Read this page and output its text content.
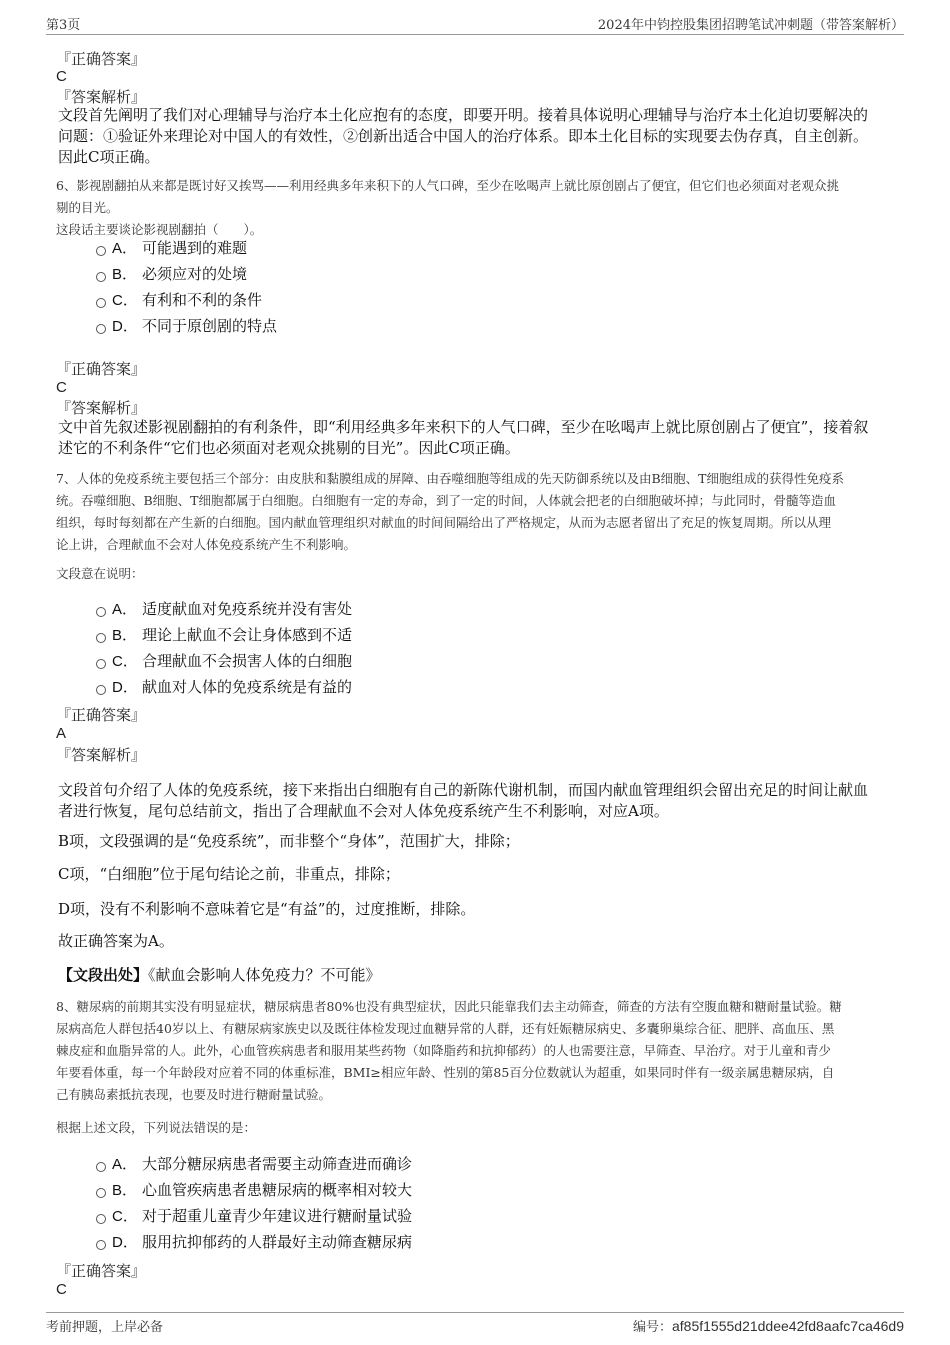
第3页	2024年中钧控股集团招聘笔试冲刺题（带答案解析）
『正确答案』
C
『答案解析』
文段首先阐明了我们对心理辅导与治疗本土化应抱有的态度，即要开明。接着具体说明心理辅导与治疗本土化迫切要解决的
问题：①验证外来理论对中国人的有效性，②创新出适合中国人的治疗体系。即本土化目标的实现要去伪存真，自主创新。
因此C项正确。
6、影视剧翻拍从来都是既讨好又挨骂——利用经典多年来积下的人气口碑，至少在吆喝声上就比原创剧占了便宜，但它们也必须面对老观众挑
剔的目光。
这段话主要谈论影视剧翻拍（　　）。
A． 可能遇到的难题
B． 必须应对的处境
C． 有利和不利的条件
D． 不同于原创剧的特点
『正确答案』
C
『答案解析』
文中首先叙述影视剧翻拍的有利条件，即“利用经典多年来积下的人气口碑，至少在吆喝声上就比原创剧占了便宜”，接着叙
述它的不利条件“它们也必须面对老观众挑剔的目光”。因此C项正确。
7、人体的免疫系统主要包括三个部分：由皮肤和黏膜组成的屏障、由吞噬细胞等组成的先天防御系统以及由B细胞、T细胞组成的获得性免疫系
统。吞噬细胞、B细胞、T细胞都属于白细胞。白细胞有一定的寿命，到了一定的时间，人体就会把老的白细胞破坏掉；与此同时，骨髓等造血
组织，每时每刻都在产生新的白细胞。国内献血管理组织对献血的时间间隔给出了严格规定，从而为志愿者留出了充足的恢复周期。所以从理
论上讲，合理献血不会对人体免疫系统产生不利影响。
文段意在说明：
A． 适度献血对免疫系统并没有害处
B． 理论上献血不会让身体感到不适
C． 合理献血不会损害人体的白细胞
D． 献血对人体的免疫系统是有益的
『正确答案』
A
『答案解析』
文段首句介绍了人体的免疫系统，接下来指出白细胞有自己的新陈代谢机制，而国内献血管理组织会留出充足的时间让献血
者进行恢复，尾句总结前文，指出了合理献血不会对人体免疫系统产生不利影响，对应A项。
B项，文段强调的是“免疫系统”，而非整个“身体”，范围扩大，排除；
C项，“白细胞”位于尾句结论之前，非重点，排除；
D项，没有不利影响不意味着它是“有益”的，过度推断，排除。
故正确答案为A。
【文段出处】《献血会影响人体免疫力？不可能》
8、糖尿病的前期其实没有明显症状，糖尿病患者80%也没有典型症状，因此只能靠我们去主动筛查，筛查的方法有空腹血糖和糖耐量试验。糖
尿病高危人群包括40岁以上、有糖尿病家族史以及既往体检发现过血糖异常的人群，还有妊娠糖尿病史、多囊卵巢综合征、肥胖、高血压、黑
棘皮症和血脂异常的人。此外，心血管疾病患者和服用某些药物（如降脂药和抗抑郁药）的人也需要注意，早筛查、早治疗。对于儿童和青少
年要看体重，每一个年龄段对应着不同的体重标准，BMI≥相应年龄、性别的第85百分位数就认为超重，如果同时伴有一级亲属患糖尿病，自
己有胰岛素抵抗表现，也要及时进行糖耐量试验。
根据上述文段，下列说法错误的是：
A． 大部分糖尿病患者需要主动筛查进而确诊
B． 心血管疾病患者患糖尿病的概率相对较大
C． 对于超重儿童青少年建议进行糖耐量试验
D． 服用抗抑郁药的人群最好主动筛查糖尿病
『正确答案』
C
考前押题，上岸必备	编号：af85f1555d21ddee42fd8aafc7ca46d9
